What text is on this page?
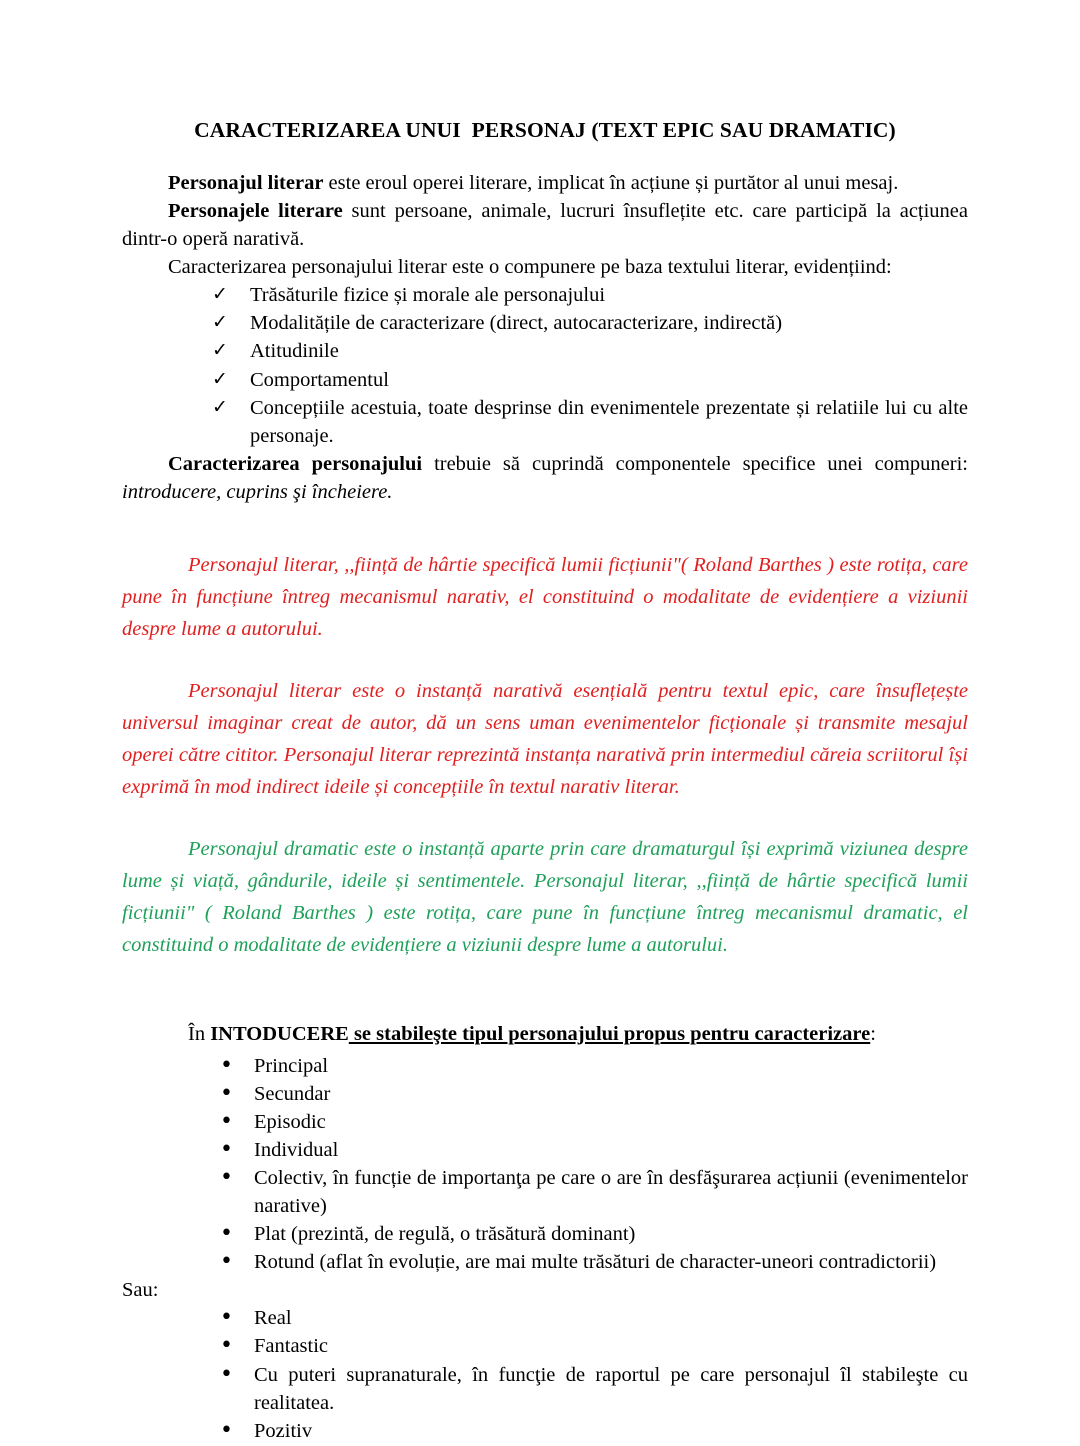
CARACTERIZAREA UNUI  PERSONAJ (TEXT EPIC SAU DRAMATIC)

Personajul literar este eroul operei literare, implicat în acțiune și purtător al unui mesaj.

Personajele literare sunt persoane, animale, lucruri însuflețite etc. care participă la acțiunea dintr-o operă narativă.

Caracterizarea personajului literar este o compunere pe baza textului literar, evidențiind:

✓ Trăsăturile fizice și morale ale personajului
✓ Modalitățile de caracterizare (direct, autocaracterizare, indirectă)
✓ Atitudinile
✓ Comportamentul
✓ Concepțiile acestuia, toate desprinse din evenimentele prezentate și relatiile lui cu alte personaje.

Caracterizarea personajului trebuie să cuprindă componentele specifice unei compuneri: introducere, cuprins şi încheiere.

Personajul literar, ,,ființă de hârtie specifică lumii ficțiunii"( Roland Barthes ) este rotița, care pune în funcțiune întreg mecanismul narativ, el constituind o modalitate de evidențiere a viziunii despre lume a autorului.

Personajul literar este o instanță narativă esențială pentru textul epic, care însuflețește universul imaginar creat de autor, dă un sens uman evenimentelor ficționale și transmite mesajul operei către cititor. Personajul literar reprezintă instanța narativă prin intermediul căreia scriitorul își exprimă în mod indirect ideile și concepțiile în textul narativ literar.

Personajul dramatic este o instanță aparte prin care dramaturgul își exprimă viziunea despre lume și viață, gândurile, ideile și sentimentele. Personajul literar, ,,ființă de hârtie specifică lumii ficțiunii" ( Roland Barthes ) este rotița, care pune în funcțiune întreg mecanismul dramatic, el constituind o modalitate de evidențiere a viziunii despre lume a autorului.

În INTODUCERE se stabileşte tipul personajului propus pentru caracterizare:

• Principal
• Secundar
• Episodic
• Individual
• Colectiv, în funcție de importanţa pe care o are în desfăşurarea acțiunii (evenimentelor narative)
• Plat (prezintă, de regulă, o trăsătură dominant)
• Rotund (aflat în evoluție, are mai multe trăsături de character-uneori contradictorii)

Sau:

• Real
• Fantastic
• Cu puteri supranaturale, în funcţie de raportul pe care personajul îl stabileşte cu realitatea.
• Pozitiv
